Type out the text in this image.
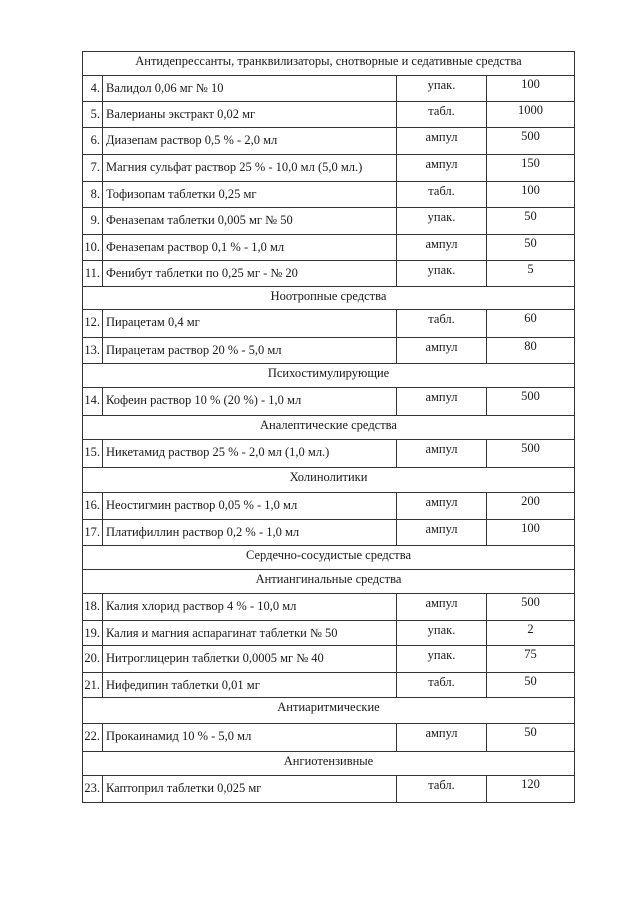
Антидепрессанты, транквилизаторы, снотворные и седативные средства
4. Валидол 0,06 мг № 10	упак.	100
5. Валерианы экстракт 0,02 мг	табл.	1000
6. Диазепам раствор 0,5 % - 2,0 мл	ампул	500
7. Магния сульфат раствор 25 % - 10,0 мл (5,0 мл.)	ампул	150
8. Тофизопам таблетки 0,25 мг	табл.	100
9. Феназепам таблетки 0,005 мг № 50	упак.	50
10. Феназепам раствор 0,1 % - 1,0 мл	ампул	50
11. Фенибут таблетки по 0,25 мг - № 20	упак.	5
Ноотропные средства
12. Пирацетам 0,4 мг	табл.	60
13. Пирацетам раствор 20 % - 5,0 мл	ампул	80
Психостимулирующие
14. Кофеин раствор 10 % (20 %) - 1,0 мл	ампул	500
Аналептические средства
15. Никетамид раствор 25 % - 2,0 мл (1,0 мл.)	ампул	500
Холинолитики
16. Неостигмин раствор 0,05 % - 1,0 мл	ампул	200
17. Платифиллин раствор 0,2 % - 1,0 мл	ампул	100
Сердечно-сосудистые средства
Антиангинальные средства
18. Калия хлорид раствор 4 % - 10,0 мл	ампул	500
19. Калия и магния аспарагинат таблетки № 50	упак.	2
20. Нитроглицерин таблетки 0,0005 мг № 40	упак.	75
21. Нифедипин таблетки 0,01 мг	табл.	50
Антиаритмические
22. Прокаинамид 10 % - 5,0 мл	ампул	50
Ангиотензивные
23. Каптоприл таблетки 0,025 мг	табл.	120
